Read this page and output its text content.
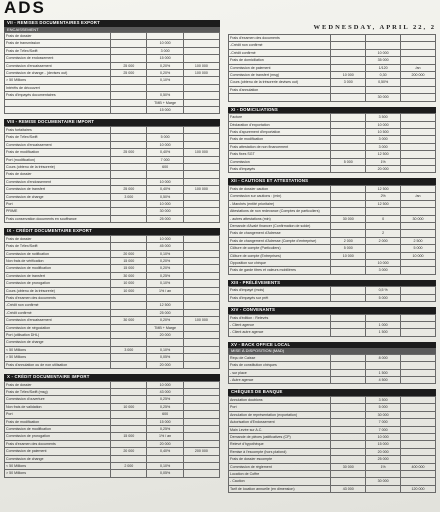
ADS
WEDNESDAY, APRIL 22, 2
VII - REMISES DOCUMENTAIRES EXPORT
ENCAISSEMENT
Frais de dossier			
Frais de transmission		10 000	
Frais de Télex/Swift		3 000	
Commission de endossement		15 000	
Commission d'encaissement	25 000	0,20%	100 000
Commission de change - (devises out)	25 000	0,20%	100 000
> 50 Millions		0,10%	
Intérêts de découvert			
Frais d'impayés documentaires		0,50%	
		TMB + Marge	
		15 000	
VIII - REMISE DOCUMENTAIRE IMPORT
Frais forfaitaires			
Frais de Télex/Swift		5 000	
Commission d'encaissement		10 000	
Frais de modification	25 000	0,40%	100 000
Port (modification)		7 000	
Cours (obtenu de la trésorerie)		600	
Frais de dossier			
Commission d'endossement		10 000	
Commission de transfert	25 000	0,40%	100 000
Commission de change	3 000	0,50%	
Port		10 000	
PRIME		30 000	
Frais conservation documents en souffrance		25 000	
IX - CRÉDIT DOCUMENTAIRE EXPORT
Frais de dossier		10 000	
Frais de Télex/Swift		45 000	
Commission de notification	20 000	0,10%	
Non frais de vérification	15 000	0,20%	
Commission de modification	15 000	0,20%	
Commission de transfert	30 000	0,25%	
Commission de prorogation	10 000	0,10%	
Cours (obtenu de la trésorerie)	10 000	1% / an	
Frais d'examen des documents			
-Crédit non confirmé		12 500	
-Crédit confirmé		25 000	
Commission d'encaissement	30 000	0,20%	100 000
Commission de négociation		TMB + Marge	
Port (utilisation DHL)		20 000	
Commission de change			
< 50 Millions	3 000	0,10%	
> 50 Millions		0,05%	
Frais d'annulation ou de non utilisation		20 000	
X - CRÉDIT DOCUMENTAIRE IMPORT
Frais de dossier		10 000	
Frais de Télex/Swift (msg)		43 000	
Commission d'ouverture		0,25%	
Non frais de validation	10 000	0,25%	
Port		600	
Frais de modification		15 000	
Commission de modification		0,25%	
Commission de prorogation	15 000	1% / an	
Frais d'examen des documents		20 000	
Commission de paiement	20 000	0,40%	200 000
Commission de change			
< 50 Millions	2 000	0,10%	
> 50 Millions		0,05%	
Frais d'examen des documents			
-Crédit non confirmé			
-Crédit confirmé		10 000	
Frais de domiciliation		35 000	
Commission de paiement		1/120	/an
Commission de transfert (msg)	10 000	0,30	200 000
Cours (obtenu de la trésorerie devises out)	3 000	0,50%	
Frais d'annulation			
		30 000	
XI - DOMICILIATIONS
Facture		3 500	
Déclaration d'exportation		10 000	
Frais d'apurement d'importation		10 500	
Frais de modification		3 000	
Frais attestation de non financement		3 000	
Frais fixes SGT		12 500	
Commission	5 000	1%	
Frais d'impayés		20 000	
XII - CAUTIONS ET ATTESTATIONS
Frais de dossier caution		12 500	
Commission sur cautions : (min)		2%	/an
- Marchés (entité prioritaire)		12 500	
Attestations de non redevance (Comptes de particuliers)			
- autres attestations (min)	30 000	0	30 000
Demande d'Avalé financer (Confirmation de solde)			
Frais de changement d'Adresse		2	
Frais de changement d'Adresse (Compte d'entreprise)	2 000	2 000	2 500
Clôture de compte (Particuliers)	5 000		5 000
Clôture de compte (Entreprises)	10 000		10 000
Opposition sur chèque		10 000	
Frais de garde titres et valeurs mobilières		3 000	
XIII - PRÉLÈVEMENTS
Frais d'impayé (mois)		0,5 %	
Frais d'impayés sur prêt		5 000	
XIV - CONVENANTS
Frais d'édition : Relevés			
- Client agence		1 000	
- Client autre agence		1 500	
XV - BACK OFFICE LOCAL
MISE À DISPOSITION (MAD)
Reçu de Caisse		8 000	
Frais de constitution chèques			
- sur place		1 500	
- Autre agence		4 500	
CHÈQUES DE BANQUE
Annulation doublons		3 500	
Port		5 000	
Annulation de représentation (exportation)		30 000	
Autorisation d'Endossement		7 000	
Main Levée sur A.C.		7 000	
Demande de pièces justificatives (CP)		10 000	
Relevé d'hypothèque		15 000	
Remise à l'escompte (hors plafond)		20 000	
Frais de dossier escompte		25 000	
Commission de règlement	30 000	1%	400 000
Location de Coffre			
- Caution		30 000	
Tarif de location annuelle (en dimension)	43 000		120 000
